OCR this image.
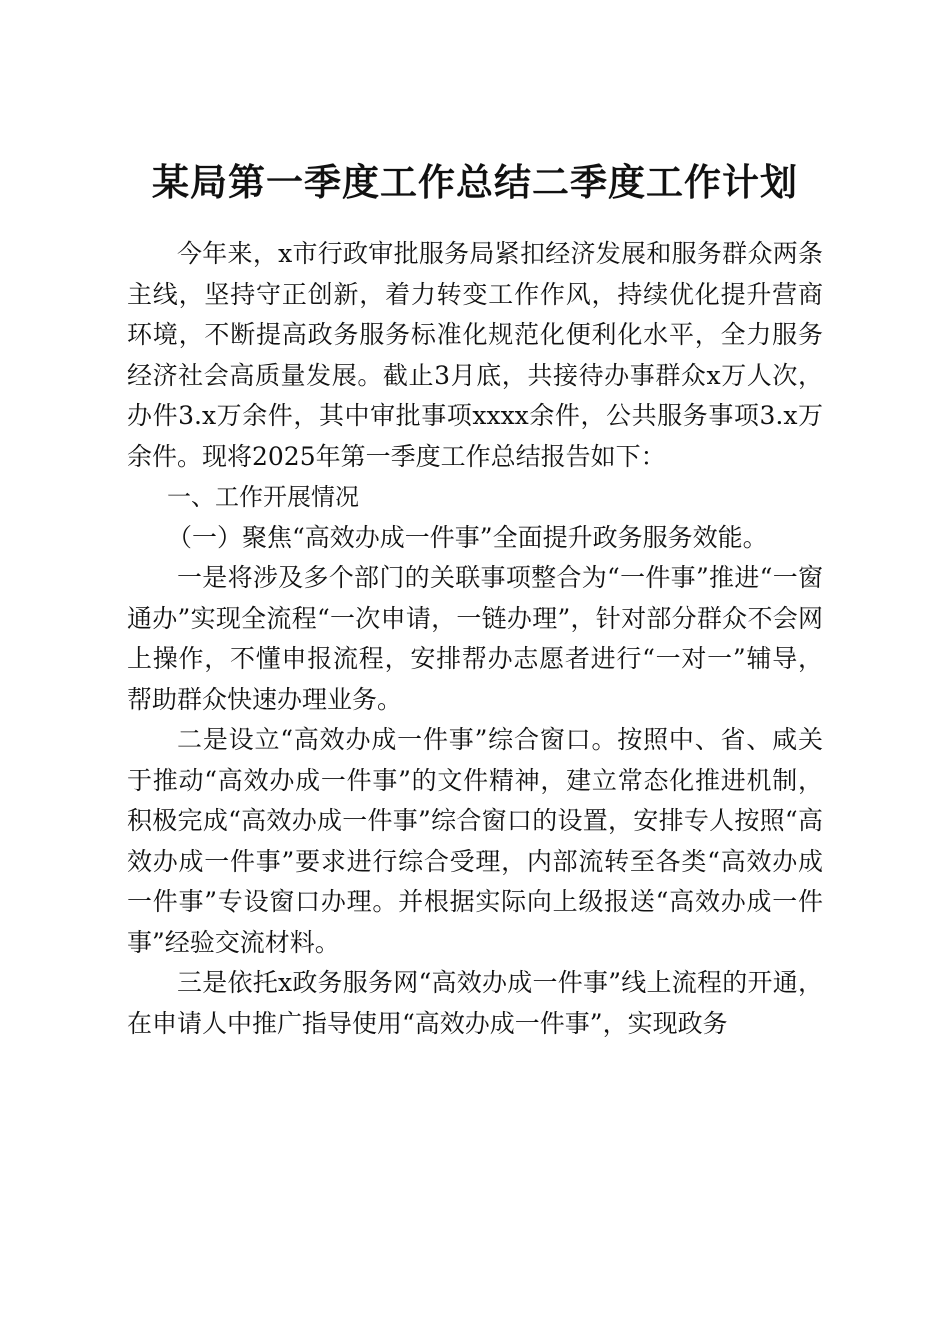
某局第一季度工作总结二季度工作计划

今年来，x市行政审批服务局紧扣经济发展和服务群众两条主线，坚持守正创新，着力转变工作作风，持续优化提升营商环境，不断提高政务服务标准化规范化便利化水平，全力服务经济社会高质量发展。截止3月底，共接待办事群众x万人次，办件3.x万余件，其中审批事项xxxx余件，公共服务事项3.x万余件。现将2025年第一季度工作总结报告如下：

一、工作开展情况

（一）聚焦“高效办成一件事”全面提升政务服务效能。

一是将涉及多个部门的关联事项整合为“一件事”推进“一窗通办”实现全流程“一次申请，一链办理”，针对部分群众不会网上操作，不懂申报流程，安排帮办志愿者进行“一对一”辅导，帮助群众快速办理业务。

二是设立“高效办成一件事”综合窗口。按照中、省、咸关于推动“高效办成一件事”的文件精神，建立常态化推进机制，积极完成“高效办成一件事”综合窗口的设置，安排专人按照“高效办成一件事”要求进行综合受理，内部流转至各类“高效办成一件事”专设窗口办理。并根据实际向上级报送“高效办成一件事”经验交流材料。

三是依托x政务服务网“高效办成一件事”线上流程的开通，在申请人中推广指导使用“高效办成一件事”，实现政务
